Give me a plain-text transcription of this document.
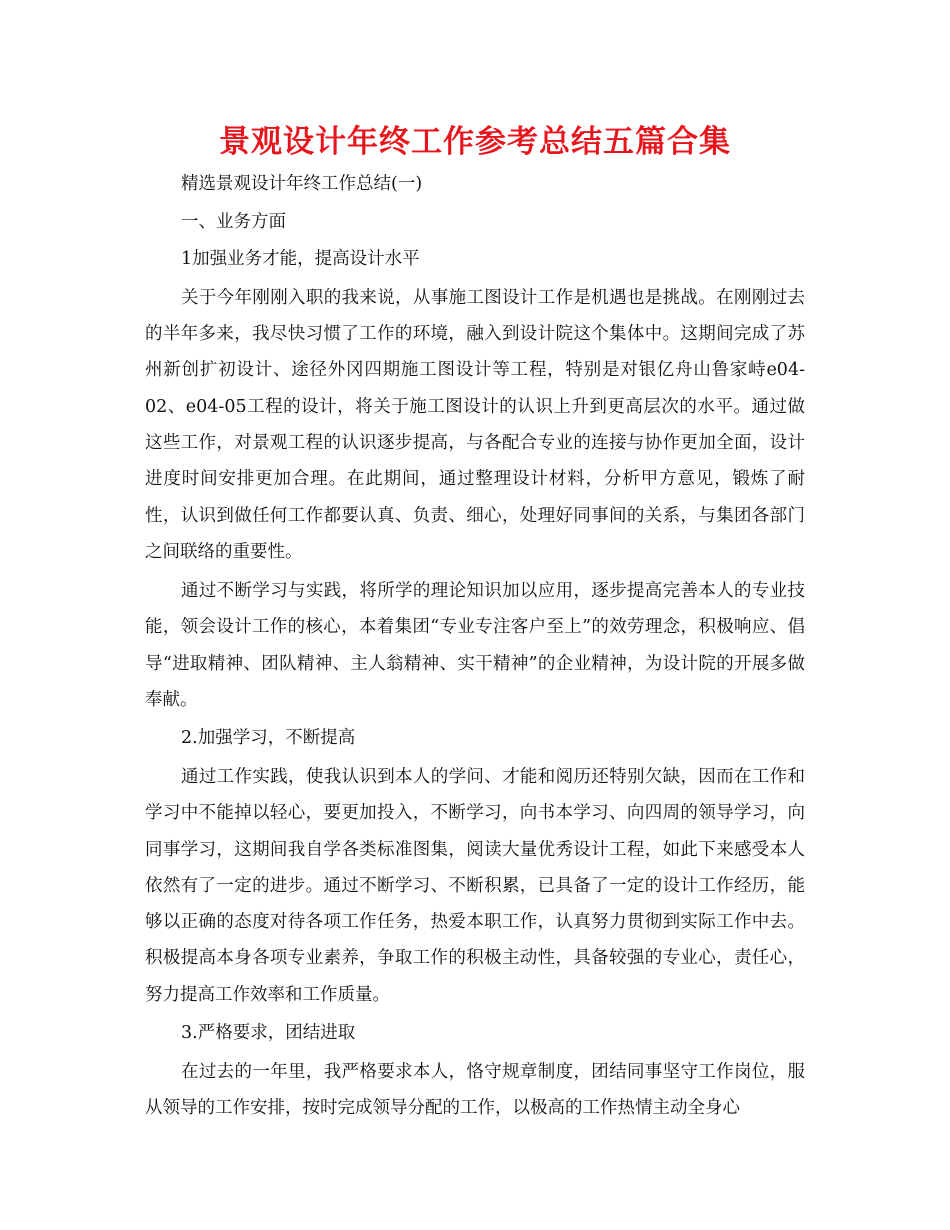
景观设计年终工作参考总结五篇合集
精选景观设计年终工作总结(一)
一、业务方面
1加强业务才能，提高设计水平

关于今年刚刚入职的我来说，从事施工图设计工作是机遇也是挑战。在刚刚过去的半年多来，我尽快习惯了工作的环境，融入到设计院这个集体中。这期间完成了苏州新创扩初设计、途径外冈四期施工图设计等工程，特别是对银亿舟山鲁家峙e04-02、e04-05工程的设计，将关于施工图设计的认识上升到更高层次的水平。通过做这些工作，对景观工程的认识逐步提高，与各配合专业的连接与协作更加全面，设计进度时间安排更加合理。在此期间，通过整理设计材料，分析甲方意见，锻炼了耐性，认识到做任何工作都要认真、负责、细心，处理好同事间的关系，与集团各部门之间联络的重要性。

通过不断学习与实践，将所学的理论知识加以应用，逐步提高完善本人的专业技能，领会设计工作的核心，本着集团“专业专注客户至上”的效劳理念，积极响应、倡导“进取精神、团队精神、主人翁精神、实干精神”的企业精神，为设计院的开展多做奉献。

2.加强学习，不断提高

通过工作实践，使我认识到本人的学问、才能和阅历还特别欠缺，因而在工作和学习中不能掉以轻心，要更加投入，不断学习，向书本学习、向四周的领导学习，向同事学习，这期间我自学各类标准图集，阅读大量优秀设计工程，如此下来感受本人依然有了一定的进步。通过不断学习、不断积累，已具备了一定的设计工作经历，能够以正确的态度对待各项工作任务，热爱本职工作，认真努力贯彻到实际工作中去。积极提高本身各项专业素养，争取工作的积极主动性，具备较强的专业心，责任心，努力提高工作效率和工作质量。

3.严格要求，团结进取

在过去的一年里，我严格要求本人，恪守规章制度，团结同事坚守工作岗位，服从领导的工作安排，按时完成领导分配的工作，以极高的工作热情主动全身心
